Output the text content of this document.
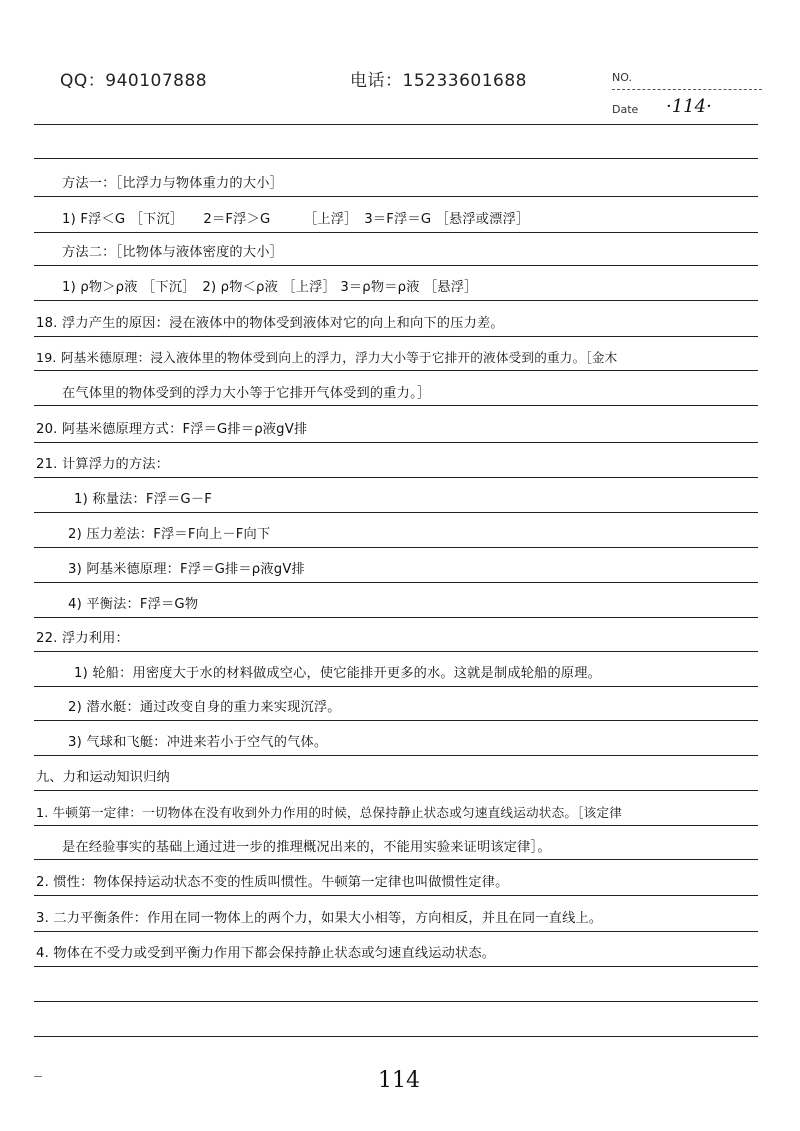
QQ：940107888	电话：15233601688	NO.
Date ·114·
方法一：［比浮力与物体重力的大小］
1) F浮＜G ［下沉］　　2＝F浮＞G　　　［上浮］　3＝F浮＝G ［悬浮或漂浮］
方法二：［比物体与液体密度的大小］
1) ρ物＞ρ液 ［下沉］　2) ρ物＜ρ液 ［上浮］ 3＝ρ物＝ρ液 ［悬浮］
18. 浮力产生的原因：浸在液体中的物体受到液体对它的向上和向下的压力差。
19. 阿基米德原理：浸入液体里的物体受到向上的浮力，浮力大小等于它排开的液体受到的重力。［金木
在气体里的物体受到的浮力大小等于它排开气体受到的重力。］
20. 阿基米德原理方式：F浮＝G排＝ρ液gV排
21. 计算浮力的方法：
1) 称量法：F浮＝G－F
2) 压力差法：F浮＝F向上－F向下
3) 阿基米德原理：F浮＝G排＝ρ液gV排
4) 平衡法：F浮＝G物
22. 浮力利用：
1) 轮船：用密度大于水的材料做成空心，使它能排开更多的水。这就是制成轮船的原理。
2) 潜水艇：通过改变自身的重力来实现沉浮。
3) 气球和飞艇：冲进来若小于空气的气体。
九、力和运动知识归纳
1. 牛顿第一定律：一切物体在没有收到外力作用的时候，总保持静止状态或匀速直线运动状态。［该定律
是在经验事实的基础上通过进一步的推理概况出来的，不能用实验来证明该定律］。
2. 惯性：物体保持运动状态不变的性质叫惯性。牛顿第一定律也叫做惯性定律。
3. 二力平衡条件：作用在同一物体上的两个力，如果大小相等，方向相反，并且在同一直线上。
4. 物体在不受力或受到平衡力作用下都会保持静止状态或匀速直线运动状态。
114
